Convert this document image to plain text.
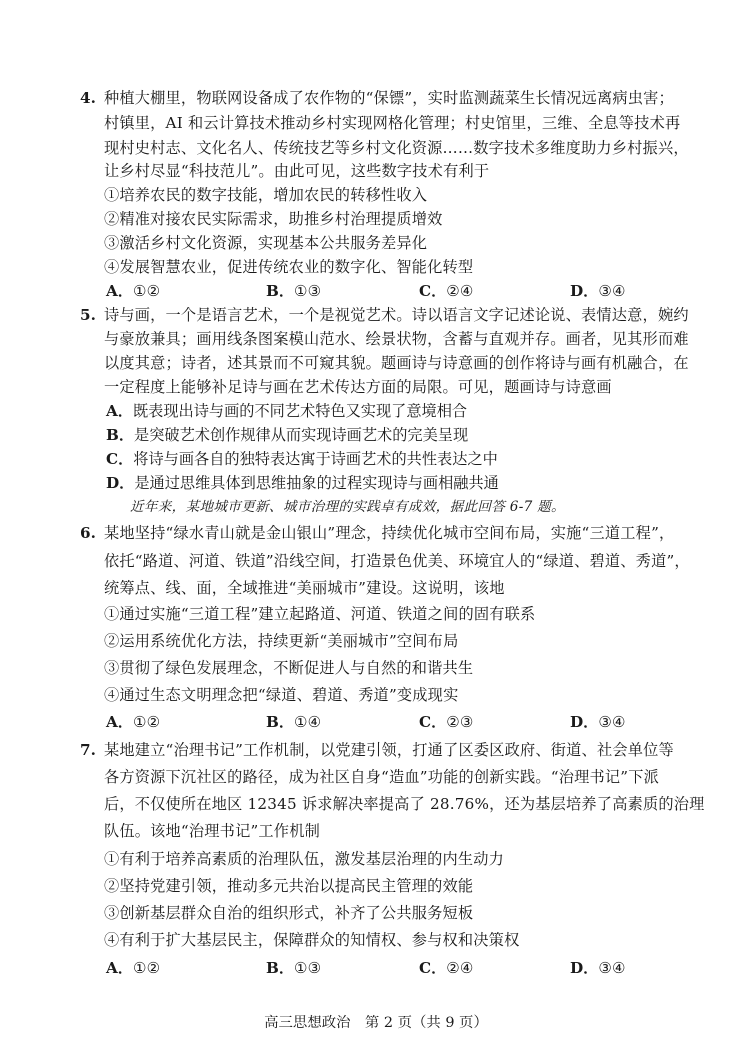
4. 种植大棚里，物联网设备成了农作物的“保镖”，实时监测蔬菜生长情况远离病虫害；
村镇里，AI 和云计算技术推动乡村实现网格化管理；村史馆里，三维、全息等技术再
现村史村志、文化名人、传统技艺等乡村文化资源……数字技术多维度助力乡村振兴，
让乡村尽显“科技范儿”。由此可见，这些数字技术有利于
①培养农民的数字技能，增加农民的转移性收入
②精准对接农民实际需求，助推乡村治理提质增效
③激活乡村文化资源，实现基本公共服务差异化
④发展智慧农业，促进传统农业的数字化、智能化转型
A．①②	B．①③	C．②④	D．③④
5. 诗与画，一个是语言艺术，一个是视觉艺术。诗以语言文字记述论说、表情达意，婉约
与豪放兼具；画用线条图案模山范水、绘景状物，含蓄与直观并存。画者，见其形而难
以度其意；诗者，述其景而不可窥其貌。题画诗与诗意画的创作将诗与画有机融合，在
一定程度上能够补足诗与画在艺术传达方面的局限。可见，题画诗与诗意画
A．既表现出诗与画的不同艺术特色又实现了意境相合
B．是突破艺术创作规律从而实现诗画艺术的完美呈现
C．将诗与画各自的独特表达寓于诗画艺术的共性表达之中
D．是通过思维具体到思维抽象的过程实现诗与画相融共通
近年来，某地城市更新、城市治理的实践卓有成效，据此回答 6-7 题。
6. 某地坚持“绿水青山就是金山银山”理念，持续优化城市空间布局，实施“三道工程”，
依托“路道、河道、铁道”沿线空间，打造景色优美、环境宜人的“绿道、碧道、秀道”，
统筹点、线、面，全域推进“美丽城市”建设。这说明，该地
①通过实施“三道工程”建立起路道、河道、铁道之间的固有联系
②运用系统优化方法，持续更新“美丽城市”空间布局
③贯彻了绿色发展理念，不断促进人与自然的和谐共生
④通过生态文明理念把“绿道、碧道、秀道”变成现实
A．①②	B．①④	C．②③	D．③④
7. 某地建立“治理书记”工作机制，以党建引领，打通了区委区政府、街道、社会单位等
各方资源下沉社区的路径，成为社区自身“造血”功能的创新实践。“治理书记”下派
后，不仅使所在地区 12345 诉求解决率提高了 28.76%，还为基层培养了高素质的治理
队伍。该地“治理书记”工作机制
①有利于培养高素质的治理队伍，激发基层治理的内生动力
②坚持党建引领，推动多元共治以提高民主管理的效能
③创新基层群众自治的组织形式，补齐了公共服务短板
④有利于扩大基层民主，保障群众的知情权、参与权和决策权
A．①②	B．①③	C．②④	D．③④
高三思想政治　第 2 页（共 9 页）
